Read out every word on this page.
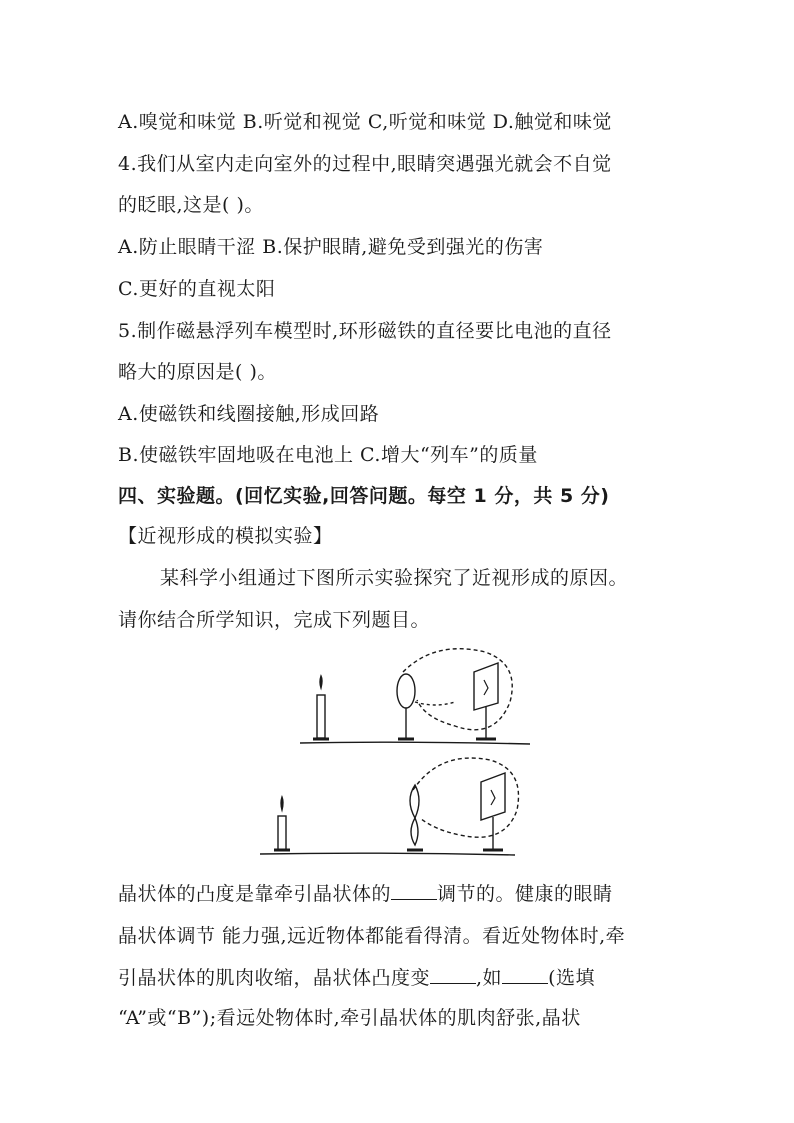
A.嗅觉和味觉 B.听觉和视觉 C,听觉和味觉 D.触觉和味觉
4.我们从室内走向室外的过程中,眼睛突遇强光就会不自觉
的眨眼,这是( )。
A.防止眼睛干涩 B.保护眼睛,避免受到强光的伤害
C.更好的直视太阳
5.制作磁悬浮列车模型时,环形磁铁的直径要比电池的直径
略大的原因是( )。
A.使磁铁和线圈接触,形成回路
B.使磁铁牢固地吸在电池上 C.增大“列车”的质量
四、实验题。(回忆实验,回答问题。每空 1 分，共 5 分)
【近视形成的模拟实验】
某科学小组通过下图所示实验探究了近视形成的原因。
请你结合所学知识，完成下列题目。
晶状体的凸度是靠牵引晶状体的 调节的。健康的眼睛
晶状体调节 能力强,远近物体都能看得清。看近处物体时,牵
引晶状体的肌肉收缩，晶状体凸度变 ,如 (选填
“A”或“B”);看远处物体时,牵引晶状体的肌肉舒张,晶状
